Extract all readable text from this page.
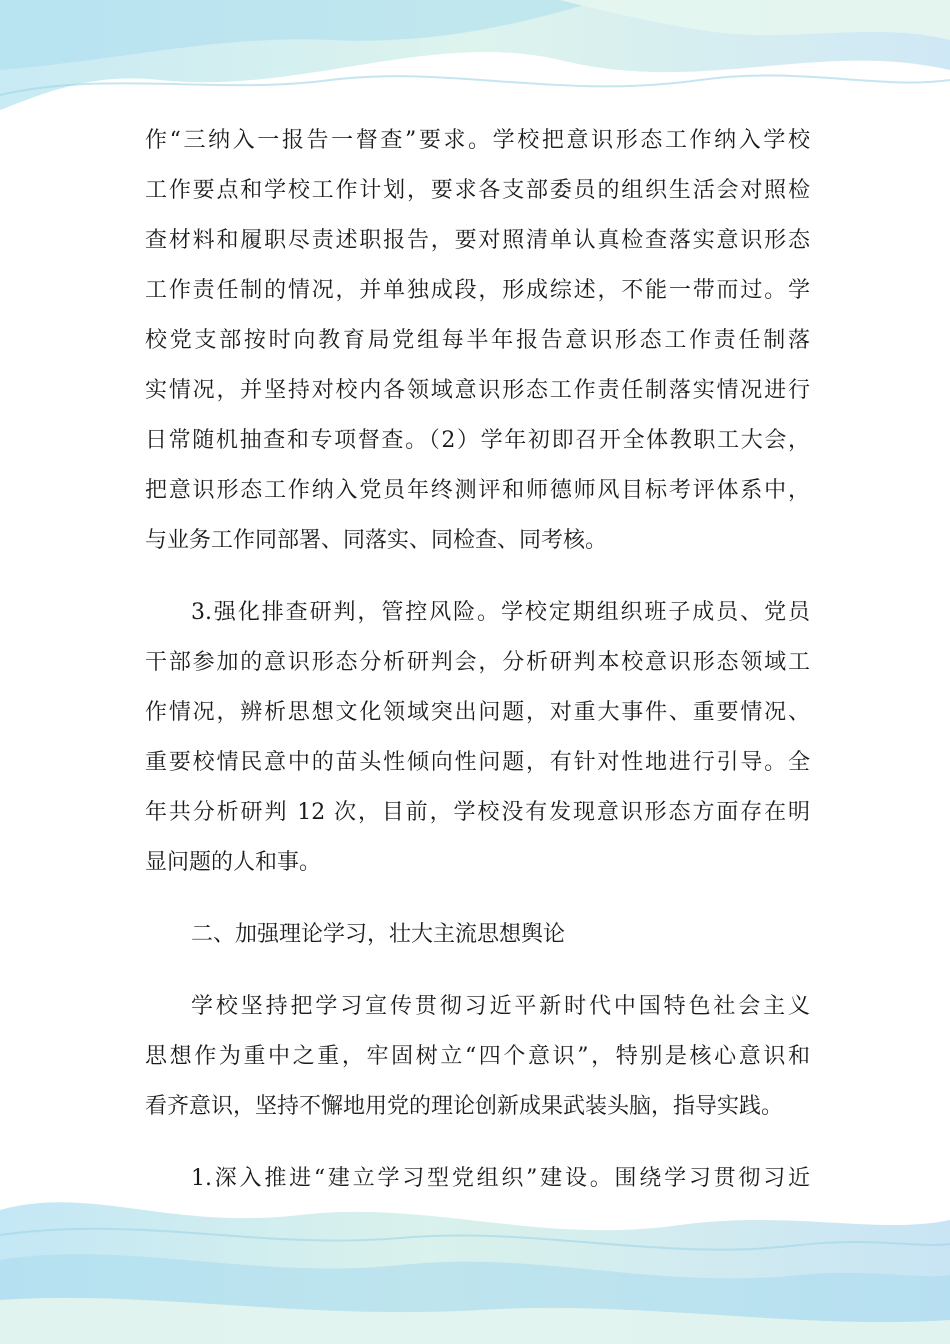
作“三纳入一报告一督查”要求。学校把意识形态工作纳入学校
工作要点和学校工作计划，要求各支部委员的组织生活会对照检
查材料和履职尽责述职报告，要对照清单认真检查落实意识形态
工作责任制的情况，并单独成段，形成综述，不能一带而过。学
校党支部按时向教育局党组每半年报告意识形态工作责任制落
实情况，并坚持对校内各领域意识形态工作责任制落实情况进行
日常随机抽查和专项督查。（2）学年初即召开全体教职工大会，
把意识形态工作纳入党员年终测评和师德师风目标考评体系中，
与业务工作同部署、同落实、同检查、同考核。

3.强化排查研判，管控风险。学校定期组织班子成员、党员
干部参加的意识形态分析研判会，分析研判本校意识形态领域工
作情况，辨析思想文化领域突出问题，对重大事件、重要情况、
重要校情民意中的苗头性倾向性问题，有针对性地进行引导。全
年共分析研判 12 次，目前，学校没有发现意识形态方面存在明
显问题的人和事。

二、加强理论学习，壮大主流思想舆论

学校坚持把学习宣传贯彻习近平新时代中国特色社会主义
思想作为重中之重，牢固树立“四个意识”，特别是核心意识和
看齐意识，坚持不懈地用党的理论创新成果武装头脑，指导实践。

1.深入推进“建立学习型党组织”建设。围绕学习贯彻习近
